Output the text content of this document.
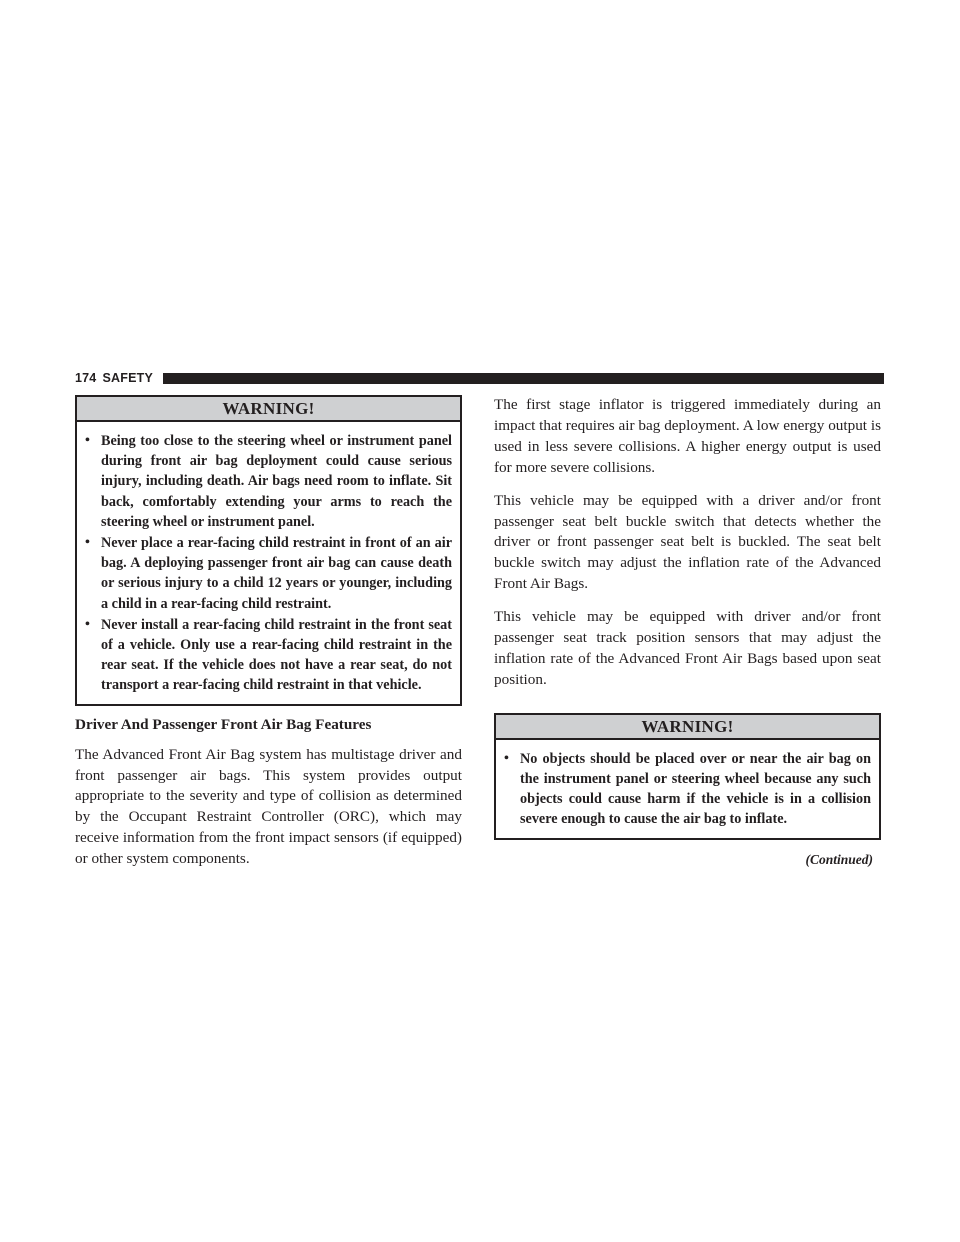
174 SAFETY
WARNING!
• Being too close to the steering wheel or instrument panel during front air bag deployment could cause serious injury, including death. Air bags need room to inflate. Sit back, comfortably extending your arms to reach the steering wheel or instrument panel.
• Never place a rear-facing child restraint in front of an air bag. A deploying passenger front air bag can cause death or serious injury to a child 12 years or younger, including a child in a rear-facing child restraint.
• Never install a rear-facing child restraint in the front seat of a vehicle. Only use a rear-facing child restraint in the rear seat. If the vehicle does not have a rear seat, do not transport a rear-facing child restraint in that vehicle.
Driver And Passenger Front Air Bag Features

The Advanced Front Air Bag system has multistage driver and front passenger air bags. This system provides output appropriate to the severity and type of collision as determined by the Occupant Restraint Controller (ORC), which may receive information from the front impact sensors (if equipped) or other system components.

The first stage inflator is triggered immediately during an impact that requires air bag deployment. A low energy output is used in less severe collisions. A higher energy output is used for more severe collisions.

This vehicle may be equipped with a driver and/or front passenger seat belt buckle switch that detects whether the driver or front passenger seat belt is buckled. The seat belt buckle switch may adjust the inflation rate of the Advanced Front Air Bags.

This vehicle may be equipped with driver and/or front passenger seat track position sensors that may adjust the inflation rate of the Advanced Front Air Bags based upon seat position.

WARNING!
• No objects should be placed over or near the air bag on the instrument panel or steering wheel because any such objects could cause harm if the vehicle is in a collision severe enough to cause the air bag to inflate.
(Continued)
